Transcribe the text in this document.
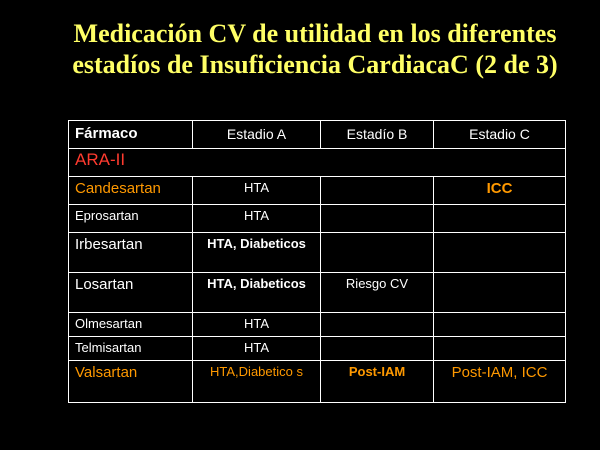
Medicación CV de utilidad en los diferentes
estadíos de Insuficiencia CardiacaC (2 de 3)
Fármaco	Estadio A	Estadío B	Estadio C
ARA-II			
Candesartan	HTA		ICC
Eprosartan	HTA		
Irbesartan	HTA, Diabeticos		
Losartan	HTA, Diabeticos	Riesgo CV	
Olmesartan	HTA		
Telmisartan	HTA		
Valsartan	HTA,Diabetico s	Post-IAM	Post-IAM, ICC
